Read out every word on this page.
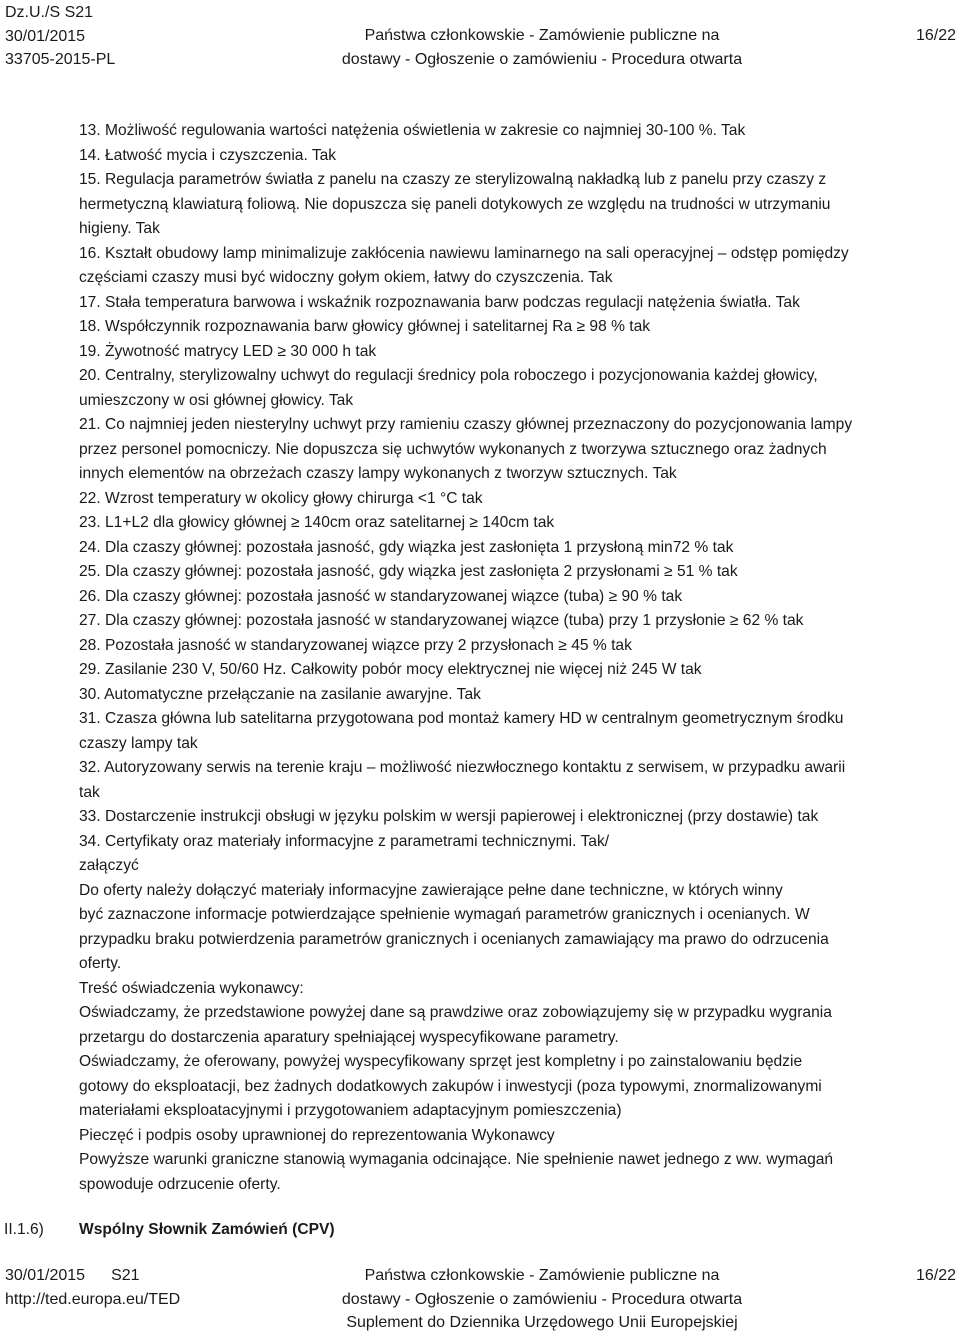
Dz.U./S S21
30/01/2015
33705-2015-PL
Państwa członkowskie - Zamówienie publiczne na
dostawy - Ogłoszenie o zamówieniu - Procedura otwarta
16/22

13. Możliwość regulowania wartości natężenia oświetlenia w zakresie co najmniej 30-100 %. Tak

14. Łatwość mycia i czyszczenia. Tak

15. Regulacja parametrów światła z panelu na czaszy ze sterylizowalną nakładką lub z panelu przy czaszy z

hermetyczną klawiaturą foliową. Nie dopuszcza się paneli dotykowych ze względu na trudności w utrzymaniu

higieny. Tak

16. Kształt obudowy lamp minimalizuje zakłócenia nawiewu laminarnego na sali operacyjnej – odstęp pomiędzy

częściami czaszy musi być widoczny gołym okiem, łatwy do czyszczenia. Tak

17. Stała temperatura barwowa i wskaźnik rozpoznawania barw podczas regulacji natężenia światła. Tak

18. Współczynnik rozpoznawania barw głowicy głównej i satelitarnej Ra ≥ 98 % tak

19. Żywotność matrycy LED ≥ 30 000 h tak

20. Centralny, sterylizowalny uchwyt do regulacji średnicy pola roboczego i pozycjonowania każdej głowicy,

umieszczony w osi głównej głowicy. Tak

21. Co najmniej jeden niesterylny uchwyt przy ramieniu czaszy głównej przeznaczony do pozycjonowania lampy

przez personel pomocniczy. Nie dopuszcza się uchwytów wykonanych z tworzywa sztucznego oraz żadnych

innych elementów na obrzeżach czaszy lampy wykonanych z tworzyw sztucznych. Tak

22. Wzrost temperatury w okolicy głowy chirurga <1 °C tak

23. L1+L2 dla głowicy głównej ≥ 140cm oraz satelitarnej ≥ 140cm tak

24. Dla czaszy głównej: pozostała jasność, gdy wiązka jest zasłonięta 1 przysłoną min72 % tak

25. Dla czaszy głównej: pozostała jasność, gdy wiązka jest zasłonięta 2 przysłonami ≥ 51 % tak

26. Dla czaszy głównej: pozostała jasność w standaryzowanej wiązce (tuba) ≥ 90 % tak

27. Dla czaszy głównej: pozostała jasność w standaryzowanej wiązce (tuba) przy 1 przysłonie ≥ 62 % tak

28. Pozostała jasność w standaryzowanej wiązce przy 2 przysłonach ≥ 45 % tak

29. Zasilanie 230 V, 50/60 Hz. Całkowity pobór mocy elektrycznej nie więcej niż 245 W tak

30. Automatyczne przełączanie na zasilanie awaryjne. Tak

31. Czasza główna lub satelitarna przygotowana pod montaż kamery HD w centralnym geometrycznym środku

czaszy lampy tak

32. Autoryzowany serwis na terenie kraju – możliwość niezwłocznego kontaktu z serwisem, w przypadku awarii

tak

33. Dostarczenie instrukcji obsługi w języku polskim w wersji papierowej i elektronicznej (przy dostawie) tak

34. Certyfikaty oraz materiały informacyjne z parametrami technicznymi. Tak/

załączyć

Do oferty należy dołączyć materiały informacyjne zawierające pełne dane techniczne, w których winny

być zaznaczone informacje potwierdzające spełnienie wymagań parametrów granicznych i ocenianych. W

przypadku braku potwierdzenia parametrów granicznych i ocenianych zamawiający ma prawo do odrzucenia

oferty.

Treść oświadczenia wykonawcy:

Oświadczamy, że przedstawione powyżej dane są prawdziwe oraz zobowiązujemy się w przypadku wygrania

przetargu do dostarczenia aparatury spełniającej wyspecyfikowane parametry.

Oświadczamy, że oferowany, powyżej wyspecyfikowany sprzęt jest kompletny i po zainstalowaniu będzie

gotowy do eksploatacji, bez żadnych dodatkowych zakupów i inwestycji (poza typowymi, znormalizowanymi

materiałami eksploatacyjnymi i przygotowaniem adaptacyjnym pomieszczenia)

Pieczęć i podpis osoby uprawnionej do reprezentowania Wykonawcy

Powyższe warunki graniczne stanowią wymagania odcinające. Nie spełnienie nawet jednego z ww. wymagań

spowoduje odrzucenie oferty.

II.1.6) Wspólny Słownik Zamówień (CPV)
30/01/2015 S21
http://ted.europa.eu/TED
Państwa członkowskie - Zamówienie publiczne na
dostawy - Ogłoszenie o zamówieniu - Procedura otwarta
Suplement do Dziennika Urzędowego Unii Europejskiej
16/22
